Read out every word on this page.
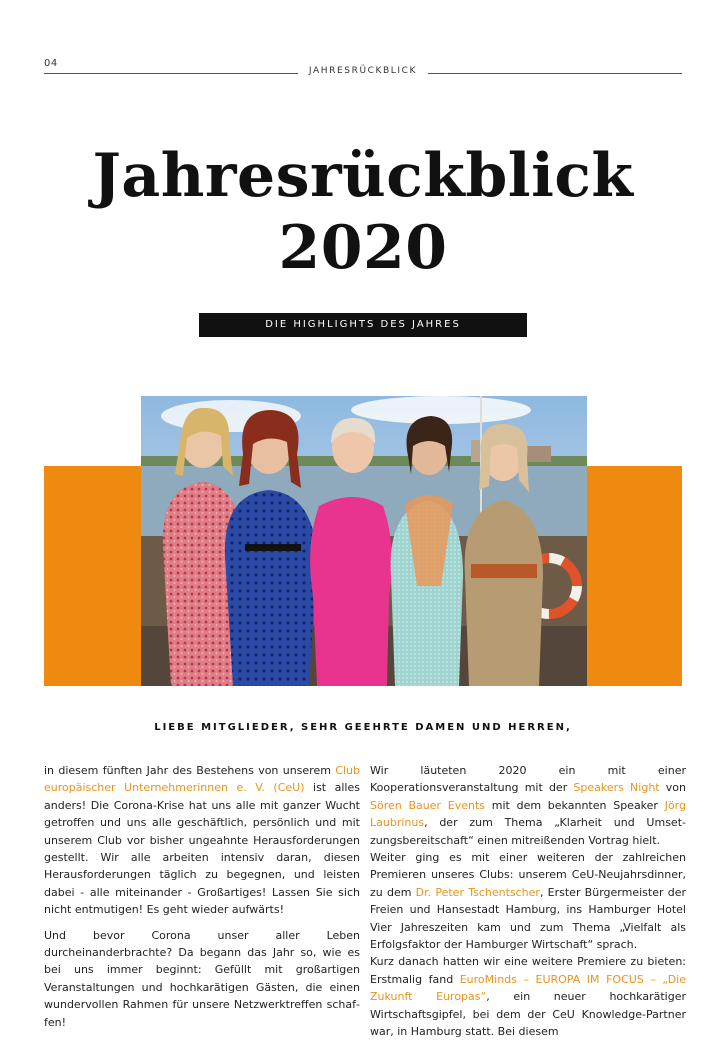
04
JAHRESRÜCKBLICK
Jahresrückblick
2020
DIE HIGHLIGHTS DES JAHRES
LIEBE MITGLIEDER, SEHR GEEHRTE DAMEN UND HERREN,

in diesem fünften Jahr des Bestehens von unserem Club europäischer Unternehmerinnen e. V. (CeU) ist alles anders! Die Corona-Krise hat uns alle mit ganzer Wucht getroffen und uns alle geschäftlich, persönlich und mit unserem Club vor bisher ungeahnte Herausforderungen gestellt. Wir alle arbeiten intensiv daran, diesen Herausforderungen täglich zu begegnen, und leisten dabei - alle miteinander - Großartiges! Lassen Sie sich nicht entmutigen! Es geht wieder aufwärts!

Und bevor Corona unser aller Leben durcheinanderbrachte? Da begann das Jahr so, wie es bei uns immer beginnt: Gefüllt mit großartigen Veranstaltungen und hochkarätigen Gästen, die einen wundervollen Rahmen für unsere Netzwerktreffen schaffen!

Wir läuteten 2020 ein mit einer Kooperationsveranstaltung mit der Speakers Night von Sören Bauer Events mit dem bekannten Speaker Jörg Laubrinus, der zum Thema „Klarheit und Umsetzungsbereitschaft“ einen mitreißenden Vortrag hielt.

Weiter ging es mit einer weiteren der zahlreichen Premieren unseres Clubs: unserem CeU-Neujahrsdinner, zu dem Dr. Peter Tschentscher, Erster Bürgermeister der Freien und Hansestadt Hamburg, ins Hamburger Hotel Vier Jahreszeiten kam und zum Thema „Vielfalt als Erfolgsfaktor der Hamburger Wirtschaft“ sprach.

Kurz danach hatten wir eine weitere Premiere zu bieten: Erstmalig fand EuroMinds – EUROPA IM FOCUS – „Die Zukunft Europas“, ein neuer hochkarätiger Wirtschaftsgipfel, bei dem der CeU Knowledge-Partner war, in Hamburg statt. Bei diesem
